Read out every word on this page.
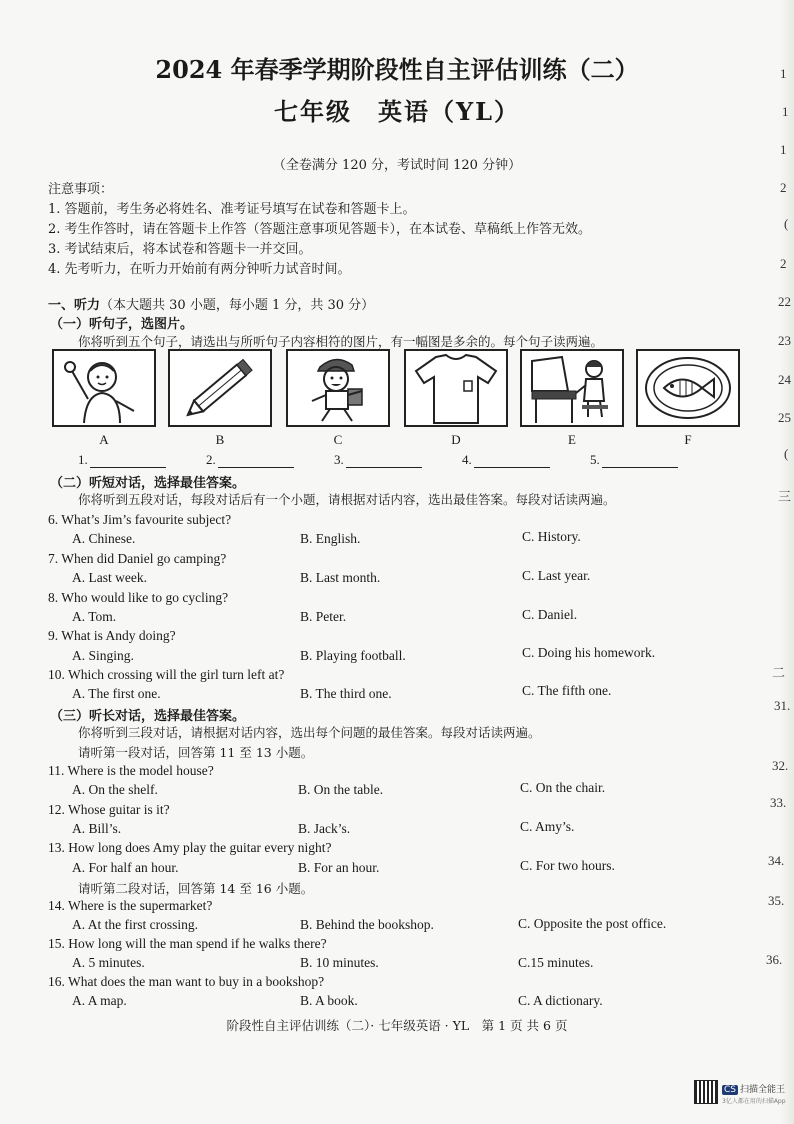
2024 年春季学期阶段性自主评估训练（二）
七年级　英语（YL）
（全卷满分 120 分，考试时间 120 分钟）
注意事项：
1. 答题前，考生务必将姓名、准考证号填写在试卷和答题卡上。
2. 考生作答时，请在答题卡上作答（答题注意事项见答题卡），在本试卷、草稿纸上作答无效。
3. 考试结束后，将本试卷和答题卡一并交回。
4. 先考听力，在听力开始前有两分钟听力试音时间。
一、听力（本大题共 30 小题，每小题 1 分，共 30 分）
（一）听句子，选图片。
你将听到五个句子，请选出与所听句子内容相符的图片，有一幅图是多余的。每个句子读两遍。
A	B	C	D	E	F
1.	2.	3.	4.	5.
（二）听短对话，选择最佳答案。
你将听到五段对话，每段对话后有一个小题，请根据对话内容，选出最佳答案。每段对话读两遍。
6. What’s Jim’s favourite subject?
A. Chinese.	B. English.	C. History.
7. When did Daniel go camping?
A. Last week.	B. Last month.	C. Last year.
8. Who would like to go cycling?
A. Tom.	B. Peter.	C. Daniel.
9. What is Andy doing?
A. Singing.	B. Playing football.	C. Doing his homework.
10. Which crossing will the girl turn left at?
A. The first one.	B. The third one.	C. The fifth one.
（三）听长对话，选择最佳答案。
你将听到三段对话，请根据对话内容，选出每个问题的最佳答案。每段对话读两遍。
请听第一段对话，回答第 11 至 13 小题。
11. Where is the model house?
A. On the shelf.	B. On the table.	C. On the chair.
12. Whose guitar is it?
A. Bill’s.	B. Jack’s.	C. Amy’s.
13. How long does Amy play the guitar every night?
A. For half an hour.	B. For an hour.	C. For two hours.
请听第二段对话，回答第 14 至 16 小题。
14. Where is the supermarket?
A. At the first crossing.	B. Behind the bookshop.	C. Opposite the post office.
15. How long will the man spend if he walks there?
A. 5 minutes.	B. 10 minutes.	C.15 minutes.
16. What does the man want to buy in a bookshop?
A. A map.	B. A book.	C. A dictionary.
阶段性自主评估训练（二）· 七年级英语 · YL　第 1 页 共 6 页
1
1
1
2
(
2
22
23
24
25
(
三
二
31.
32.
33.
34.
35.
36.
CS 扫描全能王
3亿人都在用的扫描App
